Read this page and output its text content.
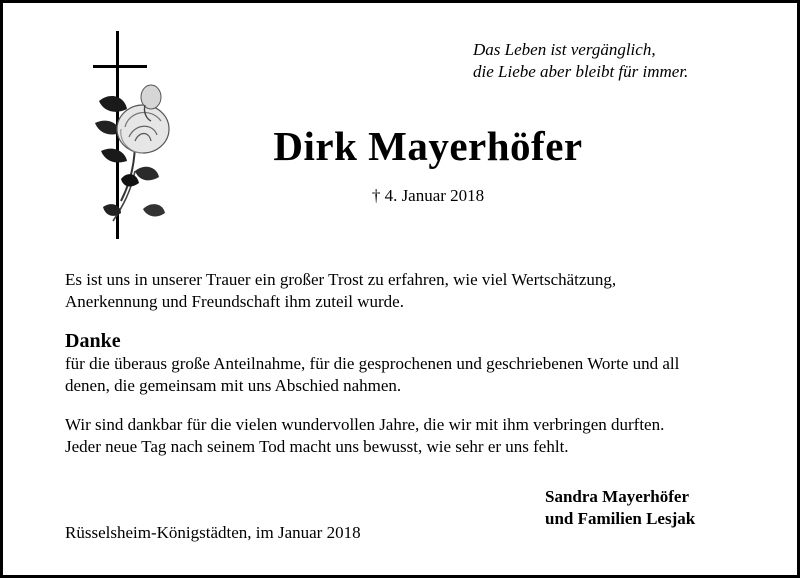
Das Leben ist vergänglich,
die Liebe aber bleibt für immer.
Dirk Mayerhöfer
† 4. Januar 2018
Es ist uns in unserer Trauer ein großer Trost zu erfahren, wie viel Wertschätzung,
Anerkennung und Freundschaft ihm zuteil wurde.
Danke
für die überaus große Anteilnahme, für die gesprochenen und geschriebenen Worte und all
denen, die gemeinsam mit uns Abschied nahmen.
Wir sind dankbar für die vielen wundervollen Jahre, die wir mit ihm verbringen durften.
Jeder neue Tag nach seinem Tod macht uns bewusst, wie sehr er uns fehlt.
Sandra Mayerhöfer
und Familien Lesjak
Rüsselsheim-Königstädten, im Januar 2018
